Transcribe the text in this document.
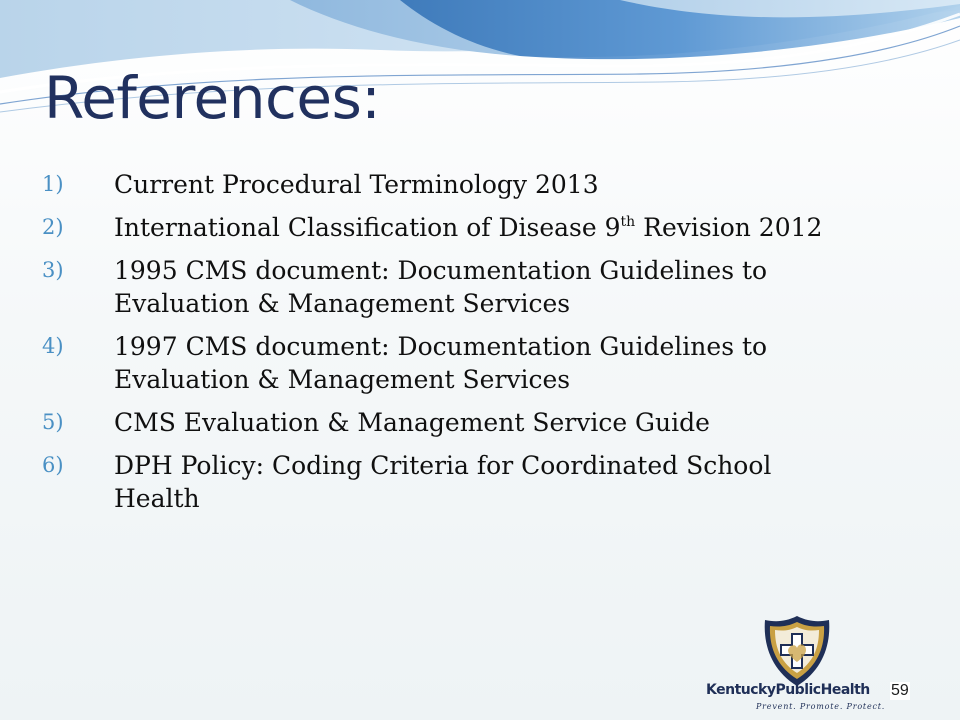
References:
1) Current Procedural Terminology 2013
2) International Classification of Disease 9th Revision 2012
3) 1995 CMS document: Documentation Guidelines to
Evaluation & Management Services
4) 1997 CMS document: Documentation Guidelines to
Evaluation & Management Services
5) CMS Evaluation & Management Service Guide
6) DPH Policy: Coding Criteria for Coordinated School
Health
KentuckyPublicHealth
Prevent. Promote. Protect.
59
